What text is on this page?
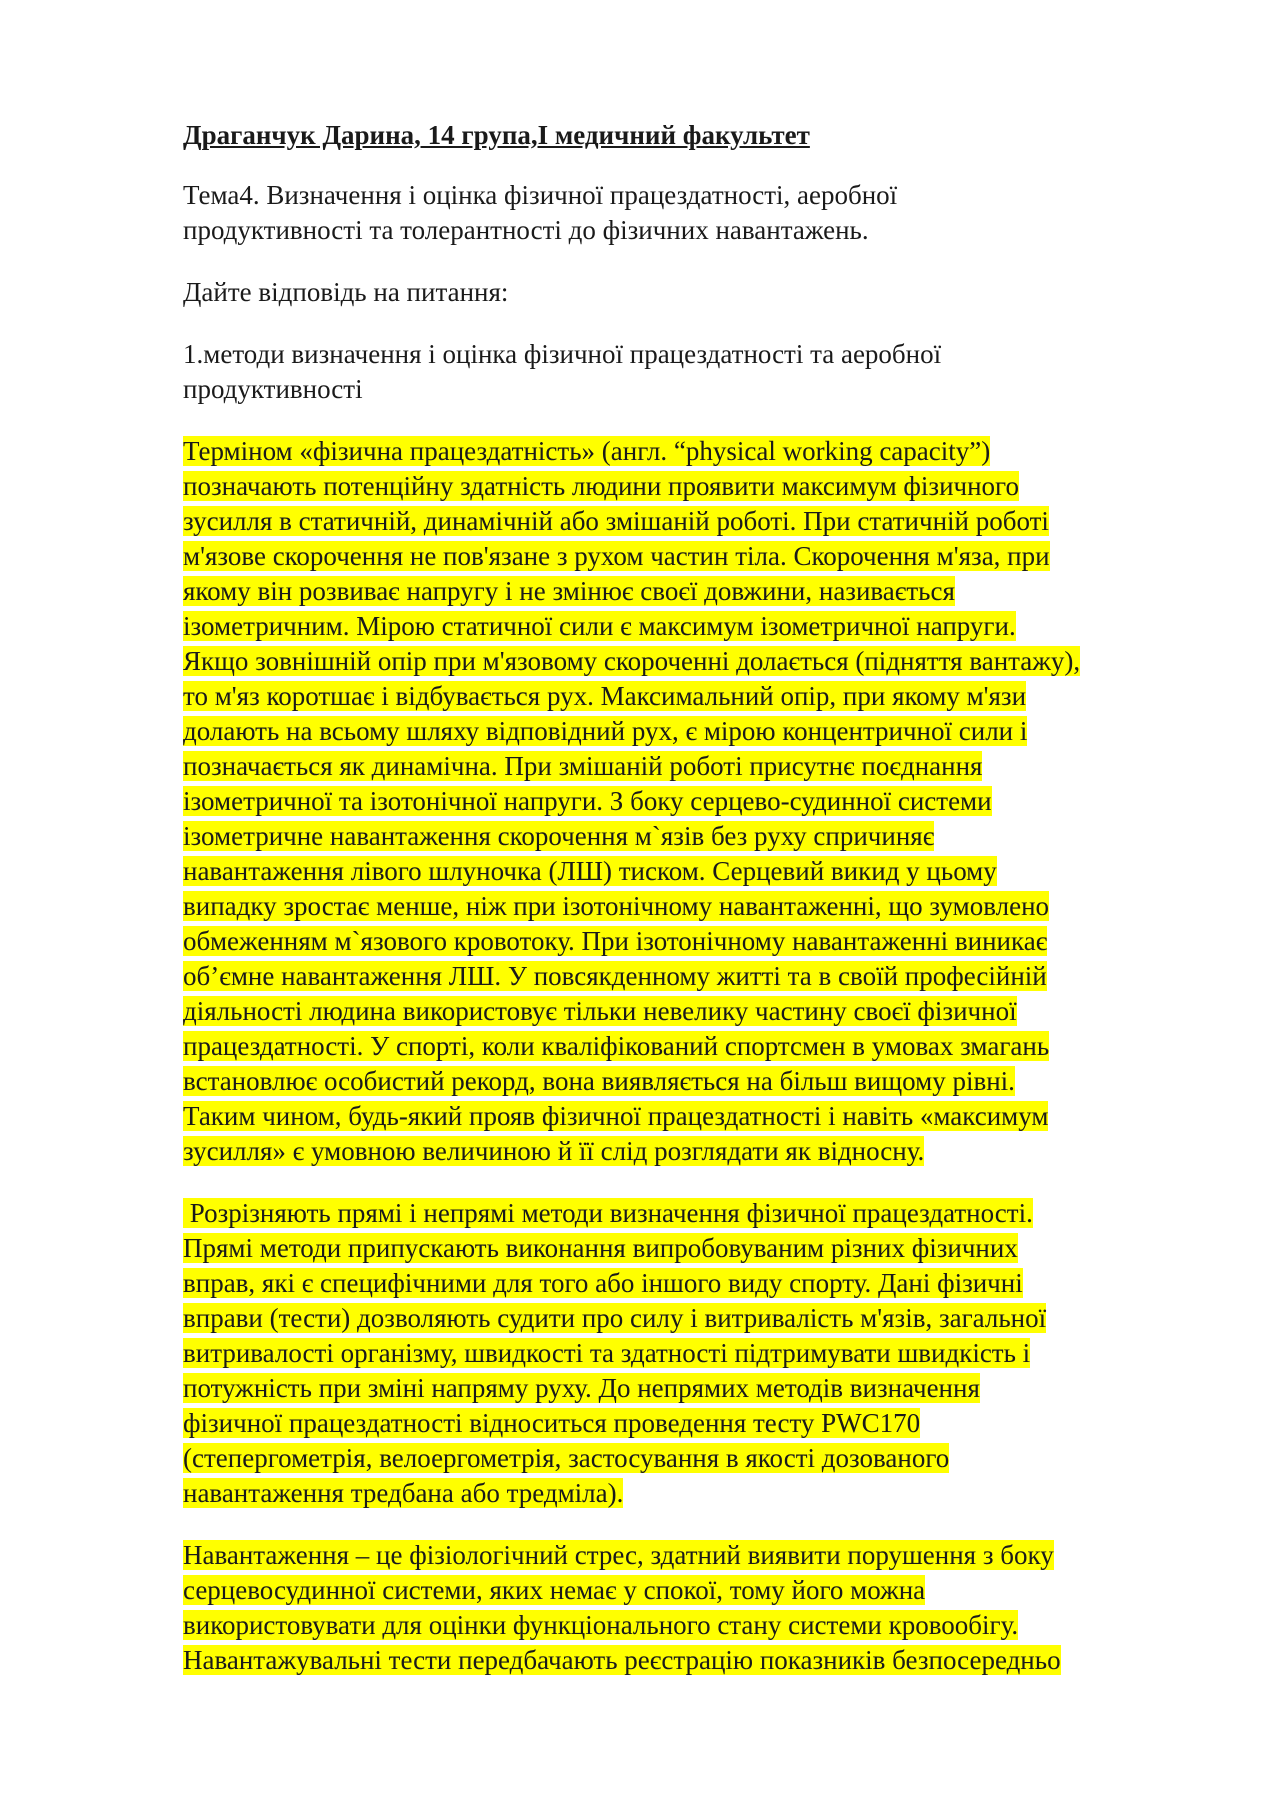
Драганчук Дарина, 14 група,І медичний факультет
Тема4. Визначення і оцінка фізичної працездатності, аеробної
продуктивності та толерантності до фізичних навантажень.
Дайте відповідь на питання:
1.методи визначення і оцінка фізичної працездатності та аеробної
продуктивності
Терміном «фізична працездатність» (англ. “physical working capacity”)
позначають потенційну здатність людини проявити максимум фізичного
зусилля в статичній, динамічній або змішаній роботі. При статичній роботі
м'язове скорочення не пов'язане з рухом частин тіла. Скорочення м'яза, при
якому він розвиває напругу і не змінює своєї довжини, називається
ізометричним. Мірою статичної сили є максимум ізометричної напруги.
Якщо зовнішній опір при м'язовому скороченні долається (підняття вантажу),
то м'яз коротшає і відбувається рух. Максимальний опір, при якому м'язи
долають на всьому шляху відповідний рух, є мірою концентричної сили і
позначається як динамічна. При змішаній роботі присутнє поєднання
ізометричної та ізотонічної напруги. З боку серцево-судинної системи
ізометричне навантаження скорочення м`язів без руху спричиняє
навантаження лівого шлуночка (ЛШ) тиском. Серцевий викид у цьому
випадку зростає менше, ніж при ізотонічному навантаженні, що зумовлено
обмеженням м`язового кровотоку. При ізотонічному навантаженні виникає
об’ємне навантаження ЛШ. У повсякденному житті та в своїй професійній
діяльності людина використовує тільки невелику частину своєї фізичної
працездатності. У спорті, коли кваліфікований спортсмен в умовах змагань
встановлює особистий рекорд, вона виявляється на більш вищому рівні.
Таким чином, будь-який прояв фізичної працездатності і навіть «максимум
зусилля» є умовною величиною й її слід розглядати як відносну.
Розрізняють прямі і непрямі методи визначення фізичної працездатності.
Прямі методи припускають виконання випробовуваним різних фізичних
вправ, які є специфічними для того або іншого виду спорту. Дані фізичні
вправи (тести) дозволяють судити про силу і витривалість м'язів, загальної
витривалості організму, швидкості та здатності підтримувати швидкість і
потужність при зміні напряму руху. До непрямих методів визначення
фізичної працездатності відноситься проведення тесту PWC170
(степергометрія, велоергометрія, застосування в якості дозованого
навантаження тредбана або тредміла).
Навантаження – це фізіологічний стрес, здатний виявити порушення з боку
серцевосудинної системи, яких немає у спокої, тому його можна
використовувати для оцінки функціонального стану системи кровообігу.
Навантажувальні тести передбачають реєстрацію показників безпосередньо
